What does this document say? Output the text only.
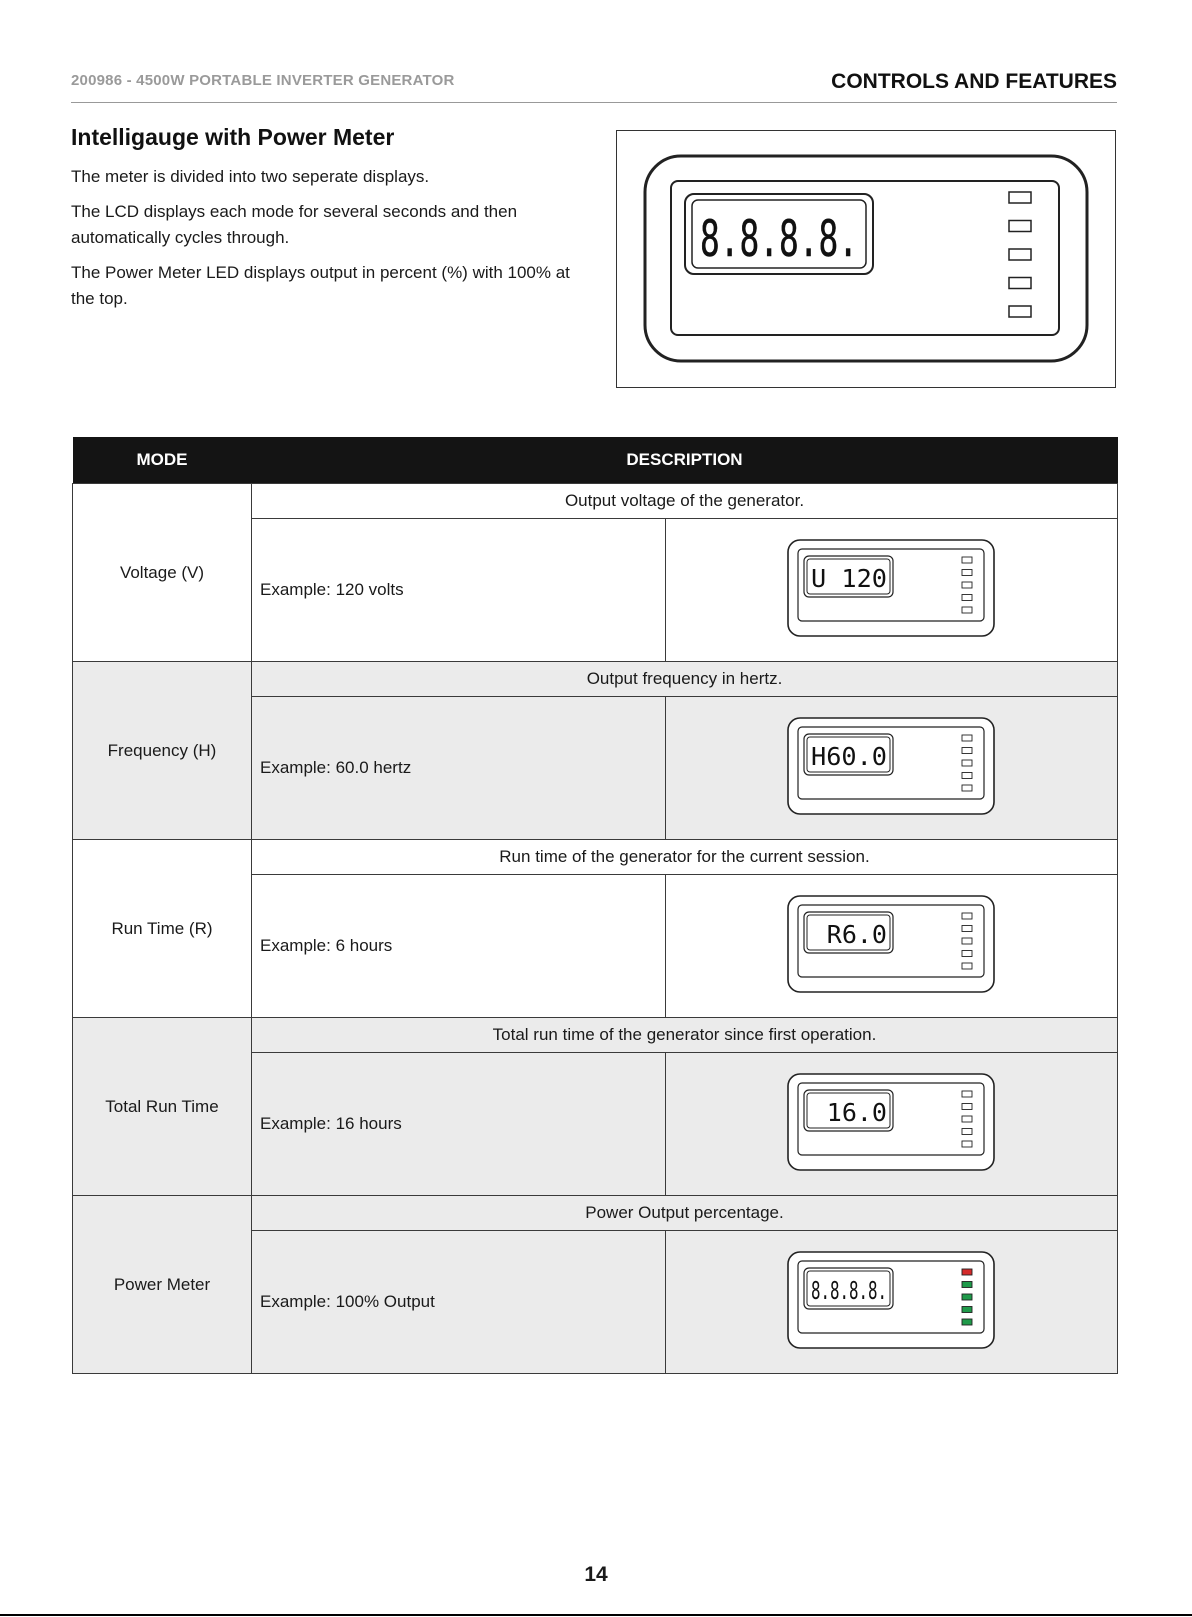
200986 - 4500W PORTABLE INVERTER GENERATOR	CONTROLS AND FEATURES
Intelligauge with Power Meter

The meter is divided into two seperate displays.

The LCD displays each mode for several seconds and then automatically cycles through.

The Power Meter LED displays output in percent (%) with 100% at the top.

8.8.8.8.
MODE	DESCRIPTION	
Voltage (V)	Output voltage of the generator.	
	Example: 120 volts	U 120

Frequency (H)	Output frequency in hertz.	
	Example: 60.0 hertz	H60.0

Run Time (R)	Run time of the generator for the current session.	
	Example: 6 hours	R6.0

Total Run Time	Total run time of the generator since first operation.	
	Example: 16 hours	16.0

Power Meter	Power Output percentage.	
	Example: 100% Output	8.8.8.8.
14
